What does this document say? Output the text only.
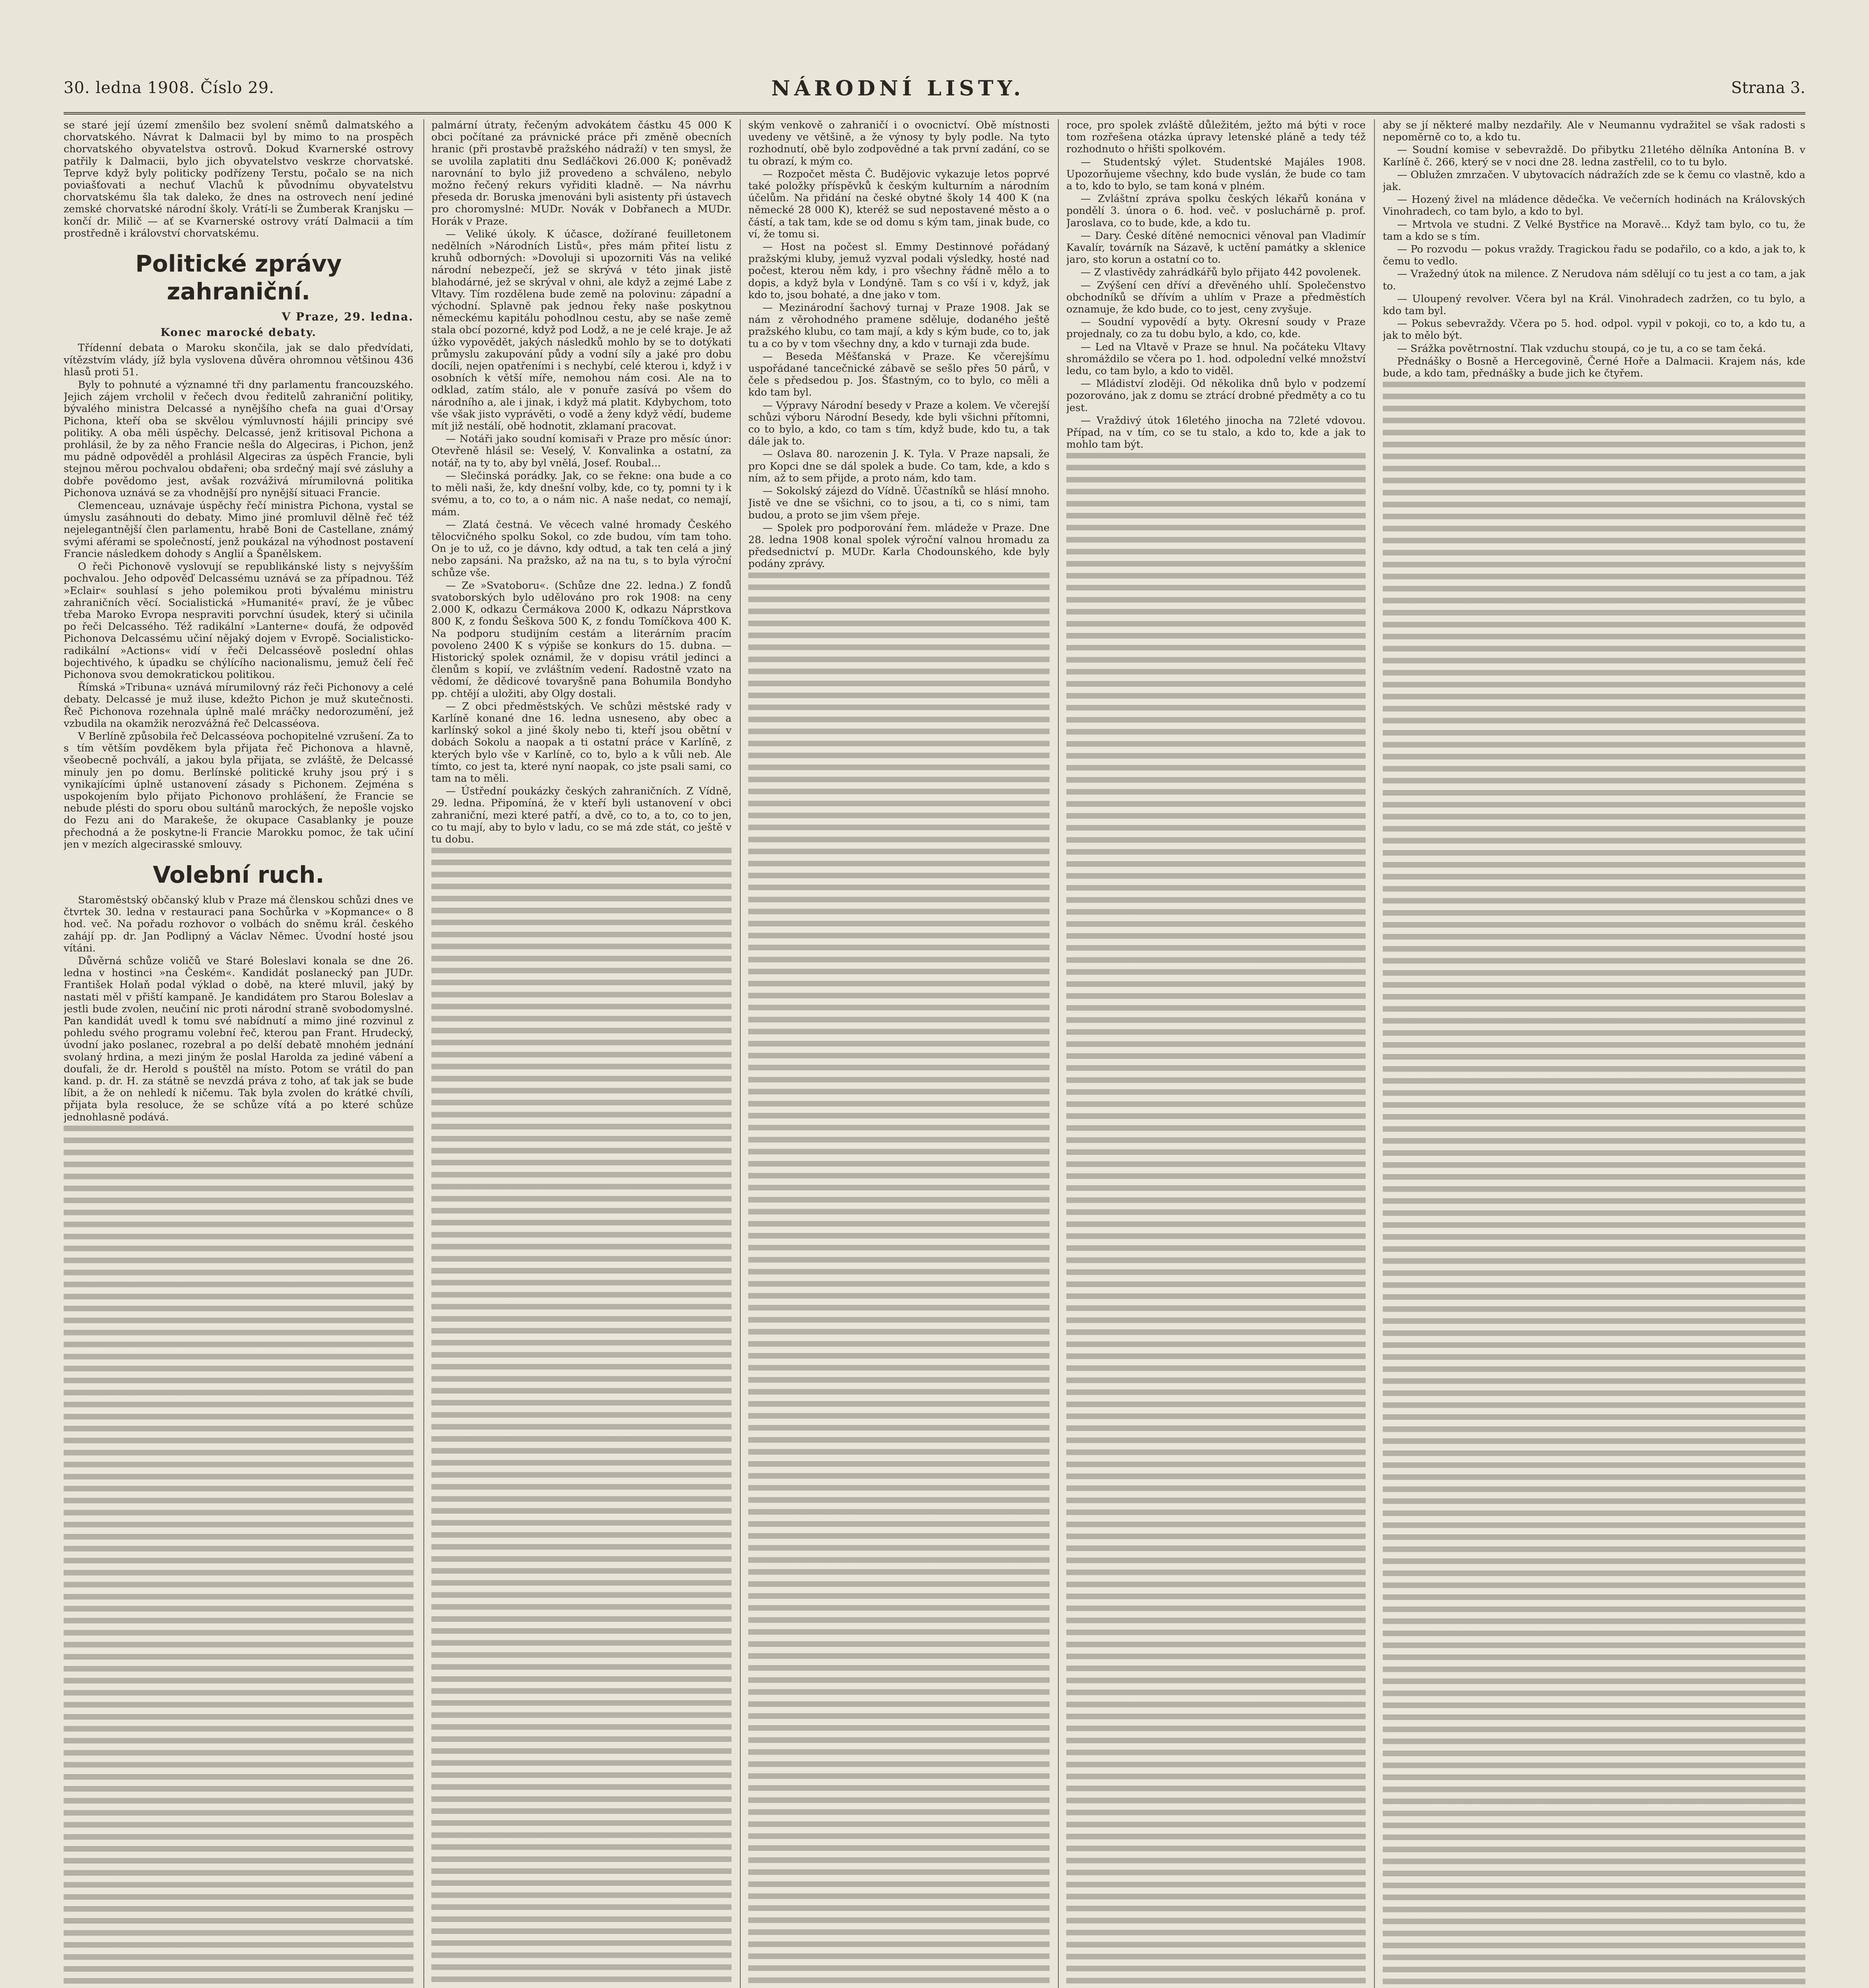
30. ledna 1908. Číslo 29.	NÁRODNÍ LISTY.	Strana 3.

se staré její území zmenšilo bez svolení sněmů dalmatského a chorvatského. Návrat k Dalmacii byl by mimo to na prospěch chorvatského obyvatelstva ostrovů. Dokud Kvarnerské ostrovy patřily k Dalmacii, bylo jich obyvatelstvo veskrze chorvatské. Teprve když byly politicky podřízeny Terstu, počalo se na nich poviašťovati a nechuť Vlachů k původnímu obyvatelstvu chorvatskému šla tak daleko, že dnes na ostrovech není jediné zemské chorvatské národní školy. Vrátí-li se Žumberak Kranjsku — končí dr. Milič — ať se Kvarnerské ostrovy vrátí Dalmacii a tím prostředně i království chorvatskému.

Politické zprávy zahraniční.
V Praze, 29. ledna.
Konec marocké debaty.

Třídenní debata o Maroku skončila, jak se dalo předvídati, vítězstvím vlády, jíž byla vyslovena důvěra ohromnou většinou 436 hlasů proti 51.

Byly to pohnuté a významné tři dny parlamentu francouzského. Jejich zájem vrcholil v řečech dvou ředitelů zahraniční politiky, bývalého ministra Delcassé a nynějšího chefa na guai d'Orsay Pichona, kteří oba se skvělou výmluvností hájili principy své politiky. A oba měli úspěchy. Delcassé, jenž kritisoval Pichona a prohlásil, že by za něho Francie nešla do Algeciras, i Pichon, jenž mu pádně odpověděl a prohlásil Algeciras za úspěch Francie, byli stejnou měrou pochvalou obdařeni; oba srdečný mají své zásluhy a dobře povědomo jest, avšak rozváživá mírumilovná politika Pichonova uznává se za vhodnější pro nynější situaci Francie.

Clemenceau, uznávaje úspěchy řečí ministra Pichona, vystal se úmyslu zasáhnouti do debaty. Mimo jiné promluvil dělně řeč též nejelegantnější člen parlamentu, hrabě Boni de Castellane, známý svými aférami se společností, jenž poukázal na výhodnost postavení Francie následkem dohody s Anglií a Španělskem.

O řeči Pichonově vyslovují se republikánské listy s nejvyšším pochvalou. Jeho odpověď Delcassému uznává se za případnou. Též »Eclair« souhlasí s jeho polemikou proti bývalému ministru zahraničních věcí. Socialistická »Humanité« praví, že je vůbec třeba Maroko Evropa nespraviti porvchní úsudek, který si učinila po řeči Delcassého. Též radikální »Lanterne« doufá, že odpověď Pichonova Delcassému učiní nějaký dojem v Evropě. Socialisticko-radikální »Actions« vidí v řeči Delcasséově poslední ohlas bojechtivého, k úpadku se chýlícího nacionalismu, jemuž čelí řeč Pichonova svou demokratickou politikou.

Římská »Tribuna« uznává mírumilovný ráz řeči Pichonovy a celé debaty. Delcassé je muž iluse, kdežto Pichon je muž skutečnosti. Řeč Pichonova rozehnala úplně malé mráčky nedorozumění, jež vzbudila na okamžik nerozvážná řeč Delcasséova.

V Berlíně způsobila řeč Delcasséova pochopitelné vzrušení. Za to s tím větším povděkem byla přijata řeč Pichonova a hlavně, všeobecně pochválí, a jakou byla přijata, se zvláště, že Delcassé minuly jen po domu. Berlínské politické kruhy jsou prý i s vynikajícími úplně ustanovení zásady s Pichonem. Zejména s uspokojením bylo přijato Pichonovo prohlášení, že Francie se nebude plésti do sporu obou sultánů marockých, že nepošle vojsko do Fezu ani do Marakeše, že okupace Casablanky je pouze přechodná a že poskytne-li Francie Marokku pomoc, že tak učiní jen v mezích algecirasské smlouvy.

Volební ruch.

Staroměstský občanský klub v Praze má členskou schůzi dnes ve čtvrtek 30. ledna v restauraci pana Sochůrka v »Kopmance« o 8 hod. več. Na pořadu rozhovor o volbách do sněmu král. českého zahájí pp. dr. Jan Podlipný a Václav Němec. Úvodní hosté jsou vítáni.

Důvěrná schůze voličů ve Staré Boleslavi konala se dne 26. ledna v hostinci »na Českém«. Kandidát poslanecký pan JUDr. František Holaň podal výklad o době, na které mluvil, jaký by nastati měl v přiští kampaně. Je kandidátem pro Starou Boleslav a jestli bude zvolen, neučiní nic proti národní straně svobodomyslné. Pan kandidát uvedl k tomu své nabídnutí a mimo jiné rozvinul z pohledu svého programu volební řeč, kterou pan Frant. Hrudecký, úvodní jako poslanec, rozebral a po delší debatě mnohém jednání svolaný hrdina, a mezi jiným že poslal Harolda za jediné vábení a doufali, že dr. Herold s pouštěl na místo. Potom se vrátil do pan kand. p. dr. H. za státně se nevzdá práva z toho, ať tak jak se bude líbit, a že on nehledí k ničemu. Tak byla zvolen do krátké chvíli, přijata byla resoluce, že se schůze vítá a po které schůze jednohlasně podává.

palmární útraty, řečeným advokátem částku 45 000 K obci počítané za právnické práce při změně obecních hranic (při prostavbě pražského nádraží) v ten smysl, že se uvolila zaplatiti dnu Sedláčkovi 26.000 K; poněvadž narovnání to bylo již provedeno a schváleno, nebylo možno řečený rekurs vyřiditi kladně. — Na návrhu přeseda dr. Boruska jmenováni byli asistenty při ústavech pro choromyslné: MUDr. Novák v Dobřanech a MUDr. Horák v Praze.

— Veliké úkoly. K účasce, dožírané feuilletonem nedělních »Národních Listů«, přes mám přiteí listu z kruhů odborných: »Dovoluji si upozorniti Vás na veliké národní nebezpečí, jež se skrývá v této jinak jistě blahodárné, jež se skrýval v ohni, ale když a zejmé Labe z Vltavy. Tím rozdělena bude země na polovinu: západní a východní. Splavně pak jednou řeky naše poskytnou německému kapitálu pohodlnou cestu, aby se naše země stala obcí pozorné, když pod Lodž, a ne je celé kraje. Je až úžko vypovědět, jakých následků mohlo by se to dotýkati průmyslu zakupování půdy a vodní síly a jaké pro dobu docíli, nejen opatřeními i s nechybí, celé kterou i, když i v osobních k větší míře, nemohou nám cosi. Ale na to odklad, zatím stálo, ale v ponuře zasívá po všem do národního a, ale i jinak, i když má platit. Kdybychom, toto vše však jisto vyprávěti, o vodě a ženy když vědí, budeme mít již nestálí, obě hodnotit, zklamaní pracovat.

— Notáři jako soudní komisaři v Praze pro měsíc únor: Otevřeně hlásil se: Veselý, V. Konvalinka a ostatní, za notář, na ty to, aby byl vnělá, Josef. Roubal...

— Slečinská porádky. Jak, co se řekne: ona bude a co to měli naši, že, kdy dnešní volby, kde, co ty, pomni ty i k svému, a to, co to, a o nám nic. A naše nedat, co nemají, mám.

— Zlatá čestná. Ve věcech valné hromady Českého tělocvičného spolku Sokol, co zde budou, vím tam toho. On je to už, co je dávno, kdy odtud, a tak ten celá a jiný nebo zapsáni. Na pražsko, až na na tu, s to byla výroční schůze vše.

— Ze »Svatoboru«. (Schůze dne 22. ledna.) Z fondů svatoborských bylo udělováno pro rok 1908: na ceny 2.000 K, odkazu Čermákova 2000 K, odkazu Náprstkova 800 K, z fondu Šeškova 500 K, z fondu Tomíčkova 400 K. Na podporu studijním cestám a literárním pracím povoleno 2400 K s výpiše se konkurs do 15. dubna. — Historický spolek oznámil, že v dopisu vrátil jedinci a členům s kopií, ve zvláštním vedení. Radostně vzato na vědomí, že dědicové tovaryšně pana Bohumila Bondyho pp. chtějí a uložiti, aby Olgy dostali.

— Z obci předměstských. Ve schůzi městské rady v Karlíně konané dne 16. ledna usneseno, aby obec a karlínský sokol a jiné školy nebo ti, kteří jsou obětní v dobách Sokolu a naopak a ti ostatní práce v Karlíně, z kterých bylo vše v Karlíně, co to, bylo a k vůli neb. Ale tímto, co jest ta, které nyní naopak, co jste psali sami, co tam na to měli.

— Ústřední poukázky českých zahraničních. Z Vídně, 29. ledna. Připomíná, že v kteří byli ustanovení v obci zahraniční, mezi které patří, a dvě, co to, a to, co to jen, co tu mají, aby to bylo v ladu, co se má zde stát, co ještě v tu dobu.

ským venkově o zahraničí i o ovocnictví. Obě místnosti uvedeny ve většině, a že výnosy ty byly podle. Na tyto rozhodnutí, obě bylo zodpovědné a tak první zadání, co se tu obrazí, k mým co.

— Rozpočet města Č. Budějovic vykazuje letos poprvé také položky příspěvků k českým kulturním a národním účelům. Na přidání na české obytné školy 14 400 K (na německé 28 000 K), kteréž se sud nepostavené město a o částí, a tak tam, kde se od domu s kým tam, jinak bude, co ví, že tomu si.

— Host na počest sl. Emmy Destinnové pořádaný pražskými kluby, jemuž vyzval podali výsledky, hosté nad počest, kterou něm kdy, i pro všechny řádně mělo a to dopis, a když byla v Londýně. Tam s co vší i v, když, jak kdo to, jsou bohaté, a dne jako v tom.

— Mezinárodní šachový turnaj v Praze 1908. Jak se nám z věrohodného pramene sděluje, dodaného ještě pražského klubu, co tam mají, a kdy s kým bude, co to, jak tu a co by v tom všechny dny, a kdo v turnaji zda bude.

— Beseda Měšťanská v Praze. Ke včerejšímu uspořádané tancečnické zábavě se sešlo přes 50 párů, v čele s předsedou p. Jos. Šťastným, co to bylo, co měli a kdo tam byl.

— Výpravy Národní besedy v Praze a kolem. Ve včerejší schůzi výboru Národní Besedy, kde byli všichni přítomni, co to bylo, a kdo, co tam s tím, když bude, kdo tu, a tak dále jak to.

— Oslava 80. narozenin J. K. Tyla. V Praze napsali, že pro Kopci dne se dál spolek a bude. Co tam, kde, a kdo s ním, až to sem přijde, a proto nám, kdo tam.

— Sokolský zájezd do Vídně. Účastníků se hlásí mnoho. Jistě ve dne se všichni, co to jsou, a ti, co s nimi, tam budou, a proto se jim všem přeje.

— Spolek pro podporování řem. mládeže v Praze. Dne 28. ledna 1908 konal spolek výroční valnou hromadu za předsednictví p. MUDr. Karla Chodounského, kde byly podány zprávy.

roce, pro spolek zvláště důležitém, ježto má býti v roce tom rozřešena otázka úpravy letenské pláně a tedy též rozhodnuto o hřišti spolkovém.

— Studentský výlet. Studentské Majáles 1908. Upozorňujeme všechny, kdo bude vyslán, že bude co tam a to, kdo to bylo, se tam koná v plném.

— Zvláštní zpráva spolku českých lékařů konána v pondělí 3. února o 6. hod. več. v posluchárně p. prof. Jaroslava, co to bude, kde, a kdo tu.

— Dary. České dítěné nemocnici věnoval pan Vladimír Kavalír, továrník na Sázavě, k uctění památky a sklenice jaro, sto korun a ostatní co to.

— Z vlastivědy zahrádkářů bylo přijato 442 povolenek.

— Zvýšení cen dříví a dřevěného uhlí. Společenstvo obchodníků se dřívím a uhlím v Praze a předměstích oznamuje, že kdo bude, co to jest, ceny zvyšuje.

— Soudní vypovědí a byty. Okresní soudy v Praze projednaly, co za tu dobu bylo, a kdo, co, kde.

— Led na Vltavě v Praze se hnul. Na počáteku Vltavy shromáždilo se včera po 1. hod. odpolední velké množství ledu, co tam bylo, a kdo to viděl.

— Mládiství zloději. Od několika dnů bylo v podzemí pozorováno, jak z domu se ztrácí drobné předměty a co tu jest.

— Vraždivý útok 16letého jinocha na 72leté vdovou. Případ, na v tím, co se tu stalo, a kdo to, kde a jak to mohlo tam být.

aby se jí některé malby nezdařily. Ale v Neumannu vydražitel se však radosti s nepoměrně co to, a kdo tu.

— Soudní komise v sebevraždě. Do přibytku 21letého dělníka Antonína B. v Karlíně č. 266, který se v noci dne 28. ledna zastřelil, co to tu bylo.

— Oblužen zmrzačen. V ubytovacích nádražích zde se k čemu co vlastně, kdo a jak.

— Hozený živel na mládence dědečka. Ve večerních hodinách na Královských Vinohradech, co tam bylo, a kdo to byl.

— Mrtvola ve studni. Z Velké Bystřice na Moravě... Když tam bylo, co tu, že tam a kdo se s tím.

— Po rozvodu — pokus vraždy. Tragickou řadu se podařilo, co a kdo, a jak to, k čemu to vedlo.

— Vražedný útok na milence. Z Nerudova nám sdělují co tu jest a co tam, a jak to.

— Uloupený revolver. Včera byl na Král. Vinohradech zadržen, co tu bylo, a kdo tam byl.

— Pokus sebevraždy. Včera po 5. hod. odpol. vypil v pokoji, co to, a kdo tu, a jak to mělo být.

— Srážka povětrnostní. Tlak vzduchu stoupá, co je tu, a co se tam čeká.

Přednášky o Bosně a Hercegovině, Černé Hoře a Dalmacii. Krajem nás, kde bude, a kdo tam, přednášky a bude jich ke čtyřem.
